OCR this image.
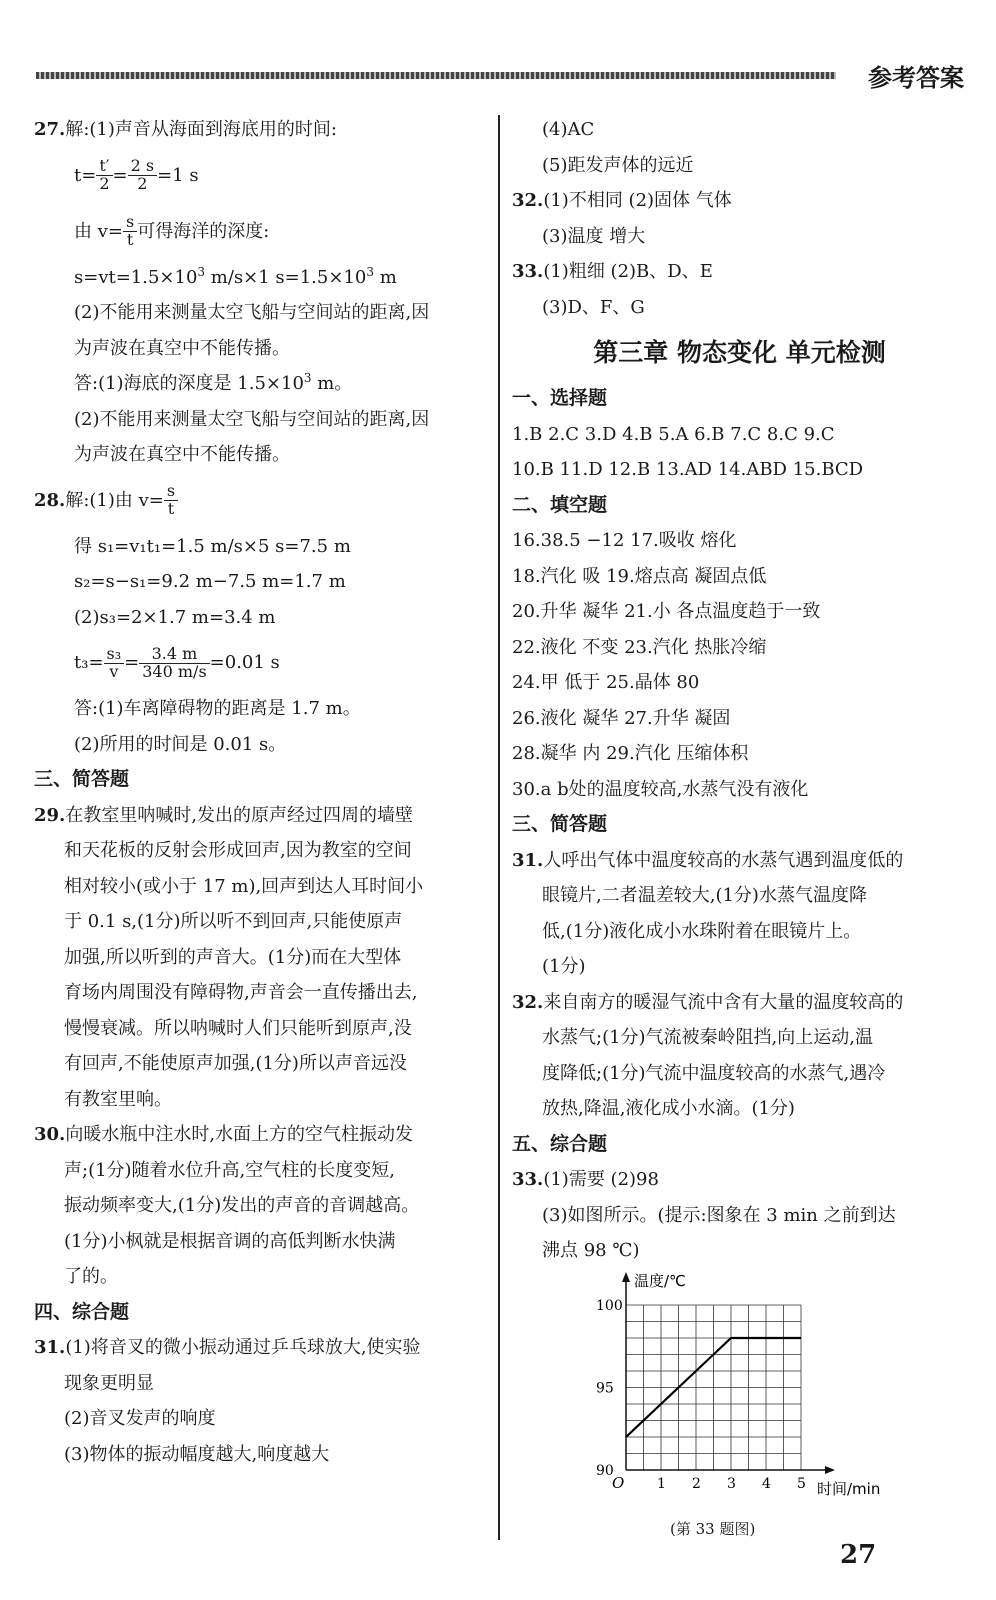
参考答案
27.解:(1)声音从海面到海底用的时间:
$t= \frac{t'}{2} = \frac{2 s}{2} =1$ s
由 $v= \frac{s}{t}$ 可得海洋的深度:
$s=vt=1.5\times 10^3$ m/s×1 $s=1.5\times 10^3$ m
(2)不能用来测量太空飞船与空间站的距离,因
为声波在真空中不能传播。
答:(1)海底的深度是 $1.5\times 10^3$ m。
(2)不能用来测量太空飞船与空间站的距离,因
为声波在真空中不能传播。
28.解:(1)由 $v= \frac{s}{t}$
得 s₁=v₁t₁=1.5 m/s×5 s=7.5 m
s₂=s−s₁=9.2 m−7.5 m=1.7 m
(2)s₃=2×1.7 m=3.4 m
$t_3= \frac{\text{s₃}}{v} = \frac{3.4 m}{340 m/s} =0.01$ s
答:(1)车离障碍物的距离是 1.7 m。
(2)所用的时间是 0.01 s。
三、简答题
29.在教室里呐喊时,发出的原声经过四周的墙壁
和天花板的反射会形成回声,因为教室的空间
相对较小(或小于 17 m),回声到达人耳时间小
于 0.1 s,(1分)所以听不到回声,只能使原声
加强,所以听到的声音大。(1分)而在大型体
育场内周围没有障碍物,声音会一直传播出去,
慢慢衰减。所以呐喊时人们只能听到原声,没
有回声,不能使原声加强,(1分)所以声音远没
有教室里响。
30.向暖水瓶中注水时,水面上方的空气柱振动发
声;(1分)随着水位升高,空气柱的长度变短,
振动频率变大,(1分)发出的声音的音调越高。
(1分)小枫就是根据音调的高低判断水快满
了的。
四、综合题
31.(1)将音叉的微小振动通过乒乓球放大,使实验
现象更明显
(2)音叉发声的响度
(3)物体的振动幅度越大,响度越大
(4)AC
(5)距发声体的远近
32.(1)不相同 (2)固体 气体
(3)温度 增大
33.(1)粗细 (2)B、D、E
(3)D、F、G
第三章 物态变化 单元检测
一、选择题
1.B 2.C 3.D 4.B 5.A 6.B 7.C 8.C 9.C
10.B 11.D 12.B 13.AD 14.ABD 15.BCD
二、填空题
16.38.5 −12 17.吸收 熔化
18.汽化 吸 19.熔点高 凝固点低
20.升华 凝华 21.小 各点温度趋于一致
22.液化 不变 23.汽化 热胀冷缩
24.甲 低于 25.晶体 80
26.液化 凝华 27.升华 凝固
28.凝华 内 29.汽化 压缩体积
30.a b处的温度较高,水蒸气没有液化
三、简答题
31.人呼出气体中温度较高的水蒸气遇到温度低的
眼镜片,二者温差较大,(1分)水蒸气温度降
低,(1分)液化成小水珠附着在眼镜片上。
(1分)
32.来自南方的暖湿气流中含有大量的温度较高的
水蒸气;(1分)气流被秦岭阻挡,向上运动,温
度降低;(1分)气流中温度较高的水蒸气,遇冷
放热,降温,液化成小水滴。(1分)
五、综合题
33.(1)需要 (2)98
(3)如图所示。(提示:图象在 3 min 之前到达
沸点 98 ℃)
温度/℃
时间/min
O 1 2 3 4 5
90
95
100
(第 33 题图)
27
